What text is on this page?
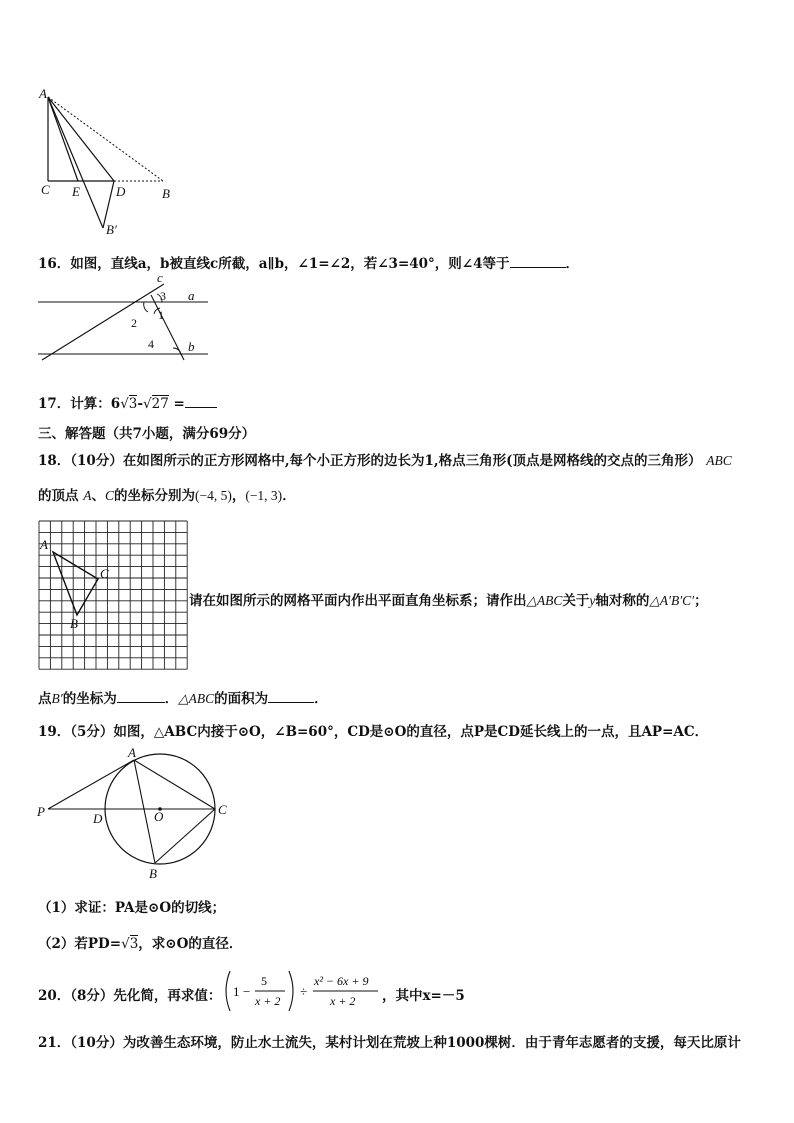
A
C E	D	B
B′
16．如图，直线a，b被直线c所截，a∥b，∠1=∠2，若∠3=40°，则∠4等于	．
c
a
b
1
2
3
4
17．计算：6√3-√27 =
三、解答题（共7小题，满分69分）
18．（10分）在如图所示的正方形网格中,每个小正方形的边长为1,格点三角形(顶点是网格线的交点的三角形） ABC
的顶点 A、C的坐标分别为(−4, 5)，(−1, 3)．
A
C
B
请在如图所示的网格平面内作出平面直角坐标系；请作出△ABC关于y轴对称的△A′B′C′；
点B′的坐标为	．△ABC的面积为	．
19．（5分）如图，△ABC内接于⊙O，∠B=60°，CD是⊙O的直径，点P是CD延长线上的一点，且AP=AC．
A
P	D	O	C
B
（1）求证：PA是⊙O的切线；
（2）若PD=√3，求⊙O的直径．
20．（8分）先化简，再求值： 1 −
5
x + 2
÷
x² − 6x + 9
x + 2 ，其中x=－5
21．（10分）为改善生态环境，防止水土流失，某村计划在荒坡上种1000棵树．由于青年志愿者的支援，每天比原计
